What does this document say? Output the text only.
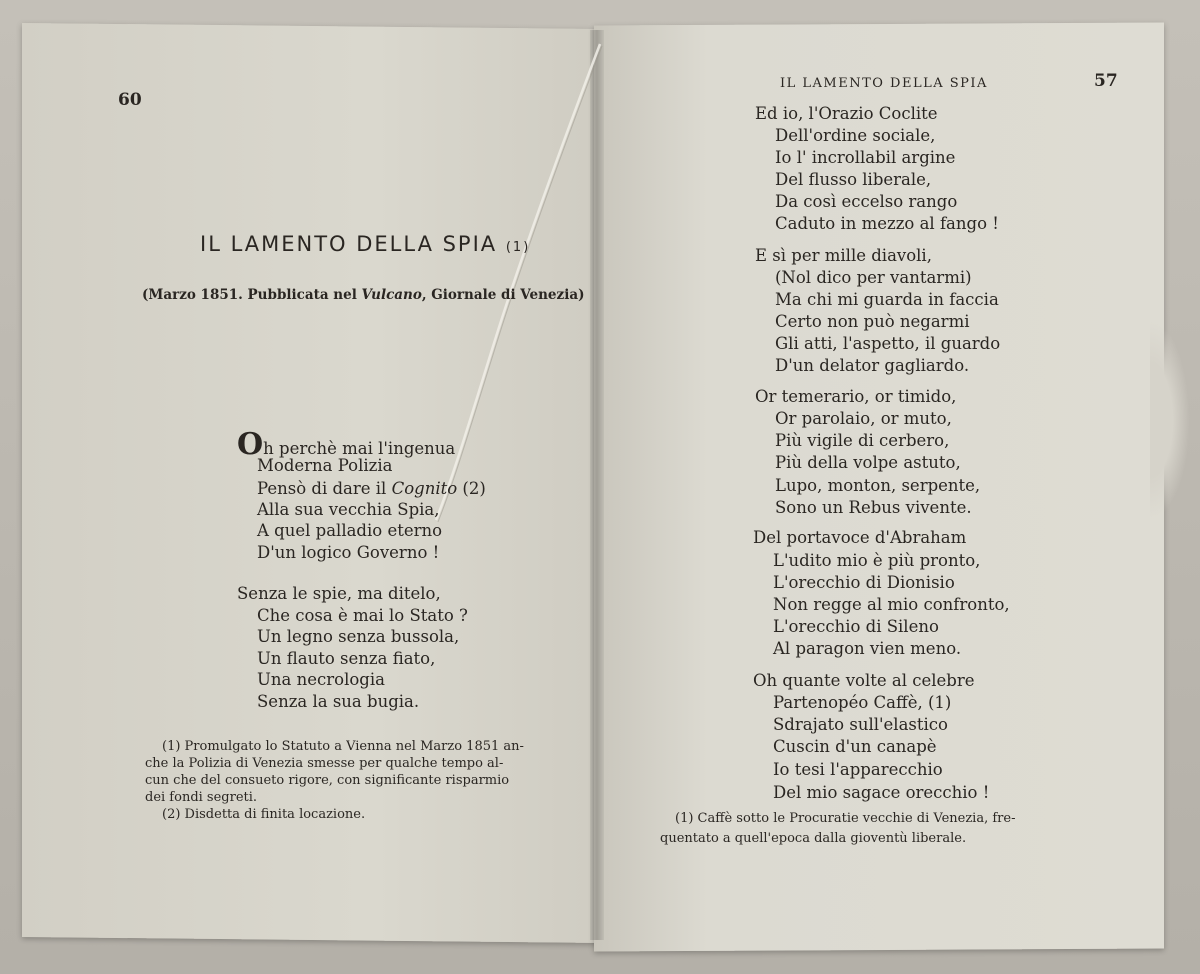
60
IL LAMENTO DELLA SPIA (1)
(Marzo 1851. Pubblicata nel Vulcano, Giornale di Venezia)
Oh perchè mai l'ingenua
Moderna Polizia
Pensò di dare il Cognito (2)
Alla sua vecchia Spia,
A quel palladio eterno
D'un logico Governo !
Senza le spie, ma ditelo,
Che cosa è mai lo Stato ?
Un legno senza bussola,
Un flauto senza fiato,
Una necrologia
Senza la sua bugia.
(1) Promulgato lo Statuto a Vienna nel Marzo 1851 an-
che la Polizia di Venezia smesse per qualche tempo al-
cun che del consueto rigore, con significante risparmio
dei fondi segreti.
(2) Disdetta di finita locazione.
IL LAMENTO DELLA SPIA	57
Ed io, l'Orazio Coclite
Dell'ordine sociale,
Io l' incrollabil argine
Del flusso liberale,
Da così eccelso rango
Caduto in mezzo al fango !
E sì per mille diavoli,
(Nol dico per vantarmi)
Ma chi mi guarda in faccia
Certo non può negarmi
Gli atti, l'aspetto, il guardo
D'un delator gagliardo.
Or temerario, or timido,
Or parolaio, or muto,
Più vigile di cerbero,
Più della volpe astuto,
Lupo, monton, serpente,
Sono un Rebus vivente.
Del portavoce d'Abraham
L'udito mio è più pronto,
L'orecchio di Dionisio
Non regge al mio confronto,
L'orecchio di Sileno
Al paragon vien meno.
Oh quante volte al celebre
Partenopéo Caffè, (1)
Sdrajato sull'elastico
Cuscin d'un canapè
Io tesi l'apparecchio
Del mio sagace orecchio !
(1) Caffè sotto le Procuratie vecchie di Venezia, fre-
quentato a quell'epoca dalla gioventù liberale.
